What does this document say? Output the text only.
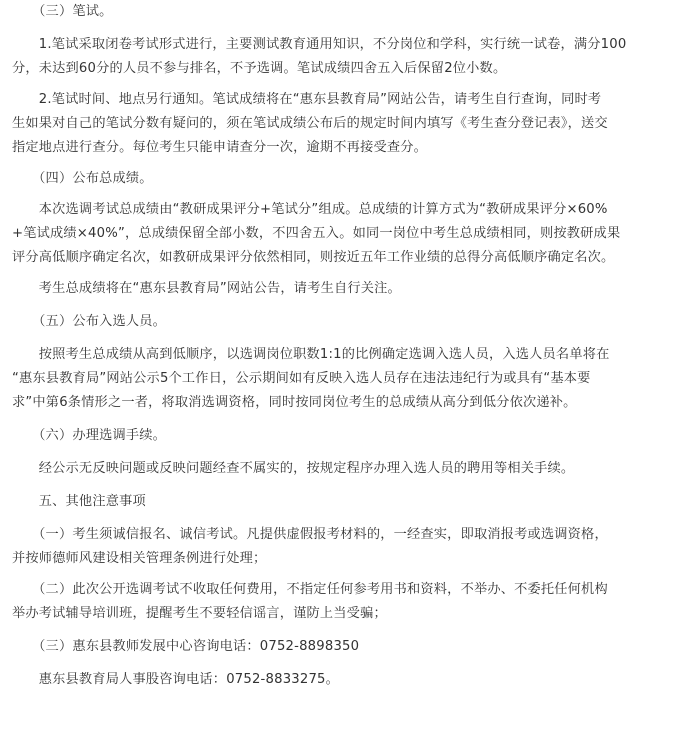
　　（三）笔试。

　　1.笔试采取闭卷考试形式进行，主要测试教育通用知识，不分岗位和学科，实行统一试卷，满分100

分，未达到60分的人员不参与排名，不予选调。笔试成绩四舍五入后保留2位小数。

　　2.笔试时间、地点另行通知。笔试成绩将在“惠东县教育局”网站公告，请考生自行查询，同时考

生如果对自己的笔试分数有疑问的，须在笔试成绩公布后的规定时间内填写《考生查分登记表》，送交

指定地点进行查分。每位考生只能申请查分一次，逾期不再接受查分。

　　（四）公布总成绩。

　　本次选调考试总成绩由“教研成果评分+笔试分”组成。总成绩的计算方式为“教研成果评分×60%

+笔试成绩×40%”，总成绩保留全部小数，不四舍五入。如同一岗位中考生总成绩相同，则按教研成果

评分高低顺序确定名次，如教研成果评分依然相同，则按近五年工作业绩的总得分高低顺序确定名次。

　　考生总成绩将在“惠东县教育局”网站公告，请考生自行关注。

　　（五）公布入选人员。

　　按照考生总成绩从高到低顺序，以选调岗位职数1:1的比例确定选调入选人员，入选人员名单将在

“惠东县教育局”网站公示5个工作日，公示期间如有反映入选人员存在违法违纪行为或具有“基本要

求”中第6条情形之一者，将取消选调资格，同时按同岗位考生的总成绩从高分到低分依次递补。

　　（六）办理选调手续。

　　经公示无反映问题或反映问题经查不属实的，按规定程序办理入选人员的聘用等相关手续。

　　五、其他注意事项

　　（一）考生须诚信报名、诚信考试。凡提供虚假报考材料的，一经查实，即取消报考或选调资格，

并按师德师风建设相关管理条例进行处理；

　　（二）此次公开选调考试不收取任何费用，不指定任何参考用书和资料，不举办、不委托任何机构

举办考试辅导培训班，提醒考生不要轻信谣言，谨防上当受骗；

　　（三）惠东县教师发展中心咨询电话：0752-8898350

　　惠东县教育局人事股咨询电话：0752-8833275。
